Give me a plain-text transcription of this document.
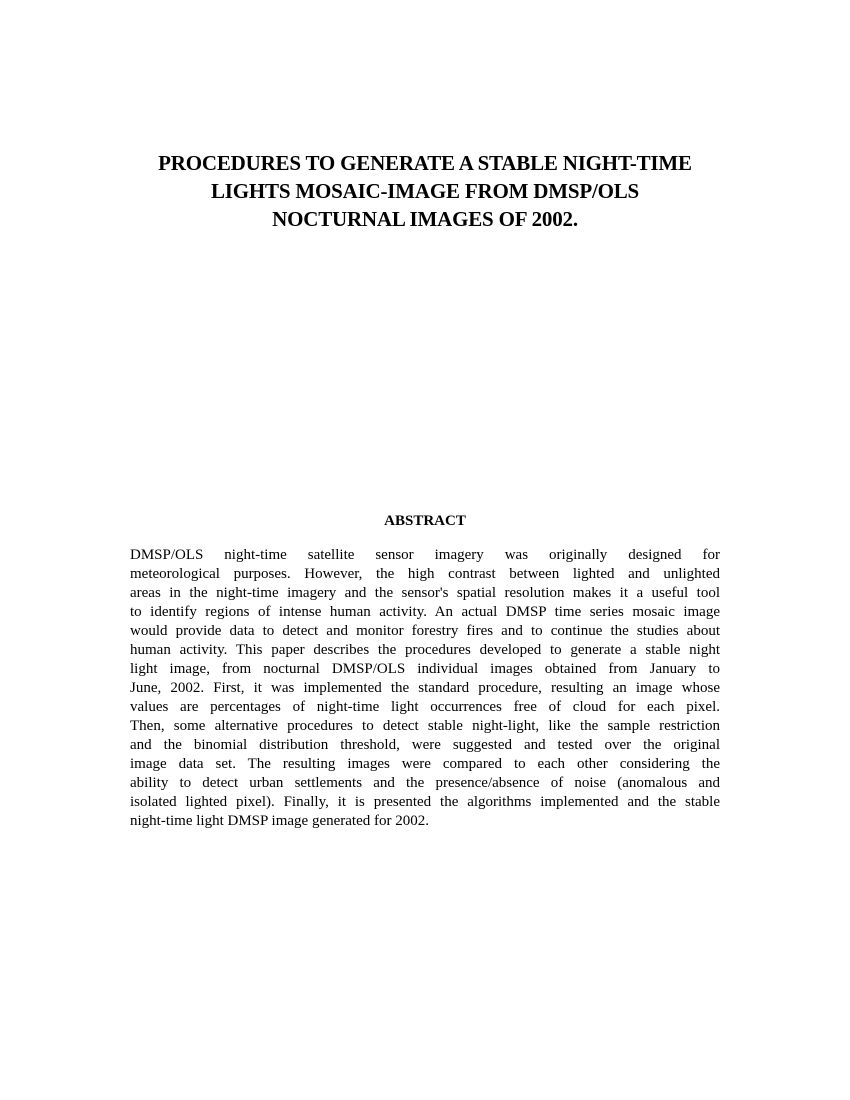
PROCEDURES TO GENERATE A STABLE NIGHT-TIME
LIGHTS MOSAIC-IMAGE FROM DMSP/OLS
NOCTURNAL IMAGES OF 2002.
ABSTRACT
DMSP/OLS night-time satellite sensor imagery was originally designed for
meteorological purposes. However, the high contrast between lighted and unlighted
areas in the night-time imagery and the sensor's spatial resolution makes it a useful tool
to identify regions of intense human activity. An actual DMSP time series mosaic image
would provide data to detect and monitor forestry fires and to continue the studies about
human activity. This paper describes the procedures developed to generate a stable night
light image, from nocturnal DMSP/OLS individual images obtained from January to
June, 2002. First, it was implemented the standard procedure, resulting an image whose
values are percentages of night-time light occurrences free of cloud for each pixel.
Then, some alternative procedures to detect stable night-light, like the sample restriction
and the binomial distribution threshold, were suggested and tested over the original
image data set. The resulting images were compared to each other considering the
ability to detect urban settlements and the presence/absence of noise (anomalous and
isolated lighted pixel). Finally, it is presented the algorithms implemented and the stable
night-time light DMSP image generated for 2002.
